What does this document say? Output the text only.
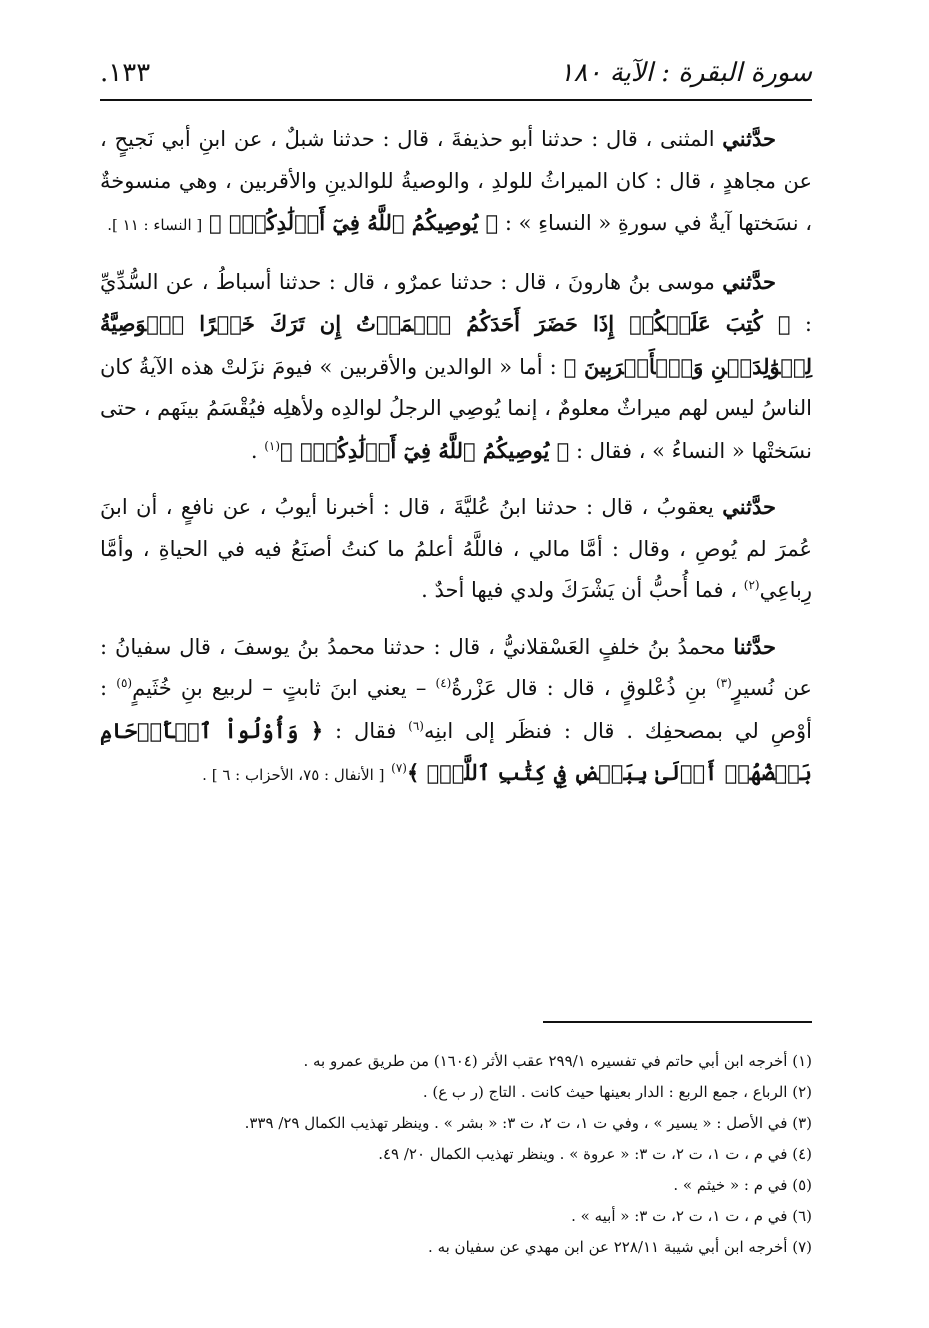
سورة البقرة : الآية ١٨٠
١٣٣.

حدَّثني المثنى ، قال : حدثنا أبو حذيفةَ ، قال : حدثنا شبلٌ ، عن ابنِ أبي نَجيحٍ ، عن مجاهدٍ ، قال : كان الميراثُ للولدِ ، والوصيةُ للوالدينِ والأقربين ، وهي منسوخةٌ ، نسَختها آيةٌ في سورةِ « النساءِ » : ﴿ يُوصِيكُمُ ٱللَّهُ فِيٓ أَوۡلَٰدِكُمۡۖ ﴾ [ النساء : ١١ ].

حدَّثني موسى بنُ هارونَ ، قال : حدثنا عمرٌو ، قال : حدثنا أسباطُ ، عن السُّدِّيِّ : ﴿ كُتِبَ عَلَيۡكُمۡ إِذَا حَضَرَ أَحَدَكُمُ ٱلۡمَوۡتُ إِن تَرَكَ خَيۡرًا ٱلۡوَصِيَّةُ لِلۡوَٰلِدَيۡنِ وَٱلۡأَقۡرَبِينَ ﴾ : أما « الوالدين والأقربين » فيومَ نزَلتْ هذه الآيةُ كان الناسُ ليس لهم ميراثٌ معلومٌ ، إنما يُوصِي الرجلُ لوالدِه ولأهلِه فيُقْسَمُ بينَهم ، حتى نسَختْها « النساءُ » ، فقال : ﴿ يُوصِيكُمُ ٱللَّهُ فِيٓ أَوۡلَٰدِكُمۡۖ ﴾$^{(١)}$ .

حدَّثني يعقوبُ ، قال : حدثنا ابنُ عُليَّةَ ، قال : أخبرنا أيوبُ ، عن نافعٍ ، أن ابنَ عُمرَ لم يُوصِ ، وقال : أمَّا مالي ، فاللَّهُ أعلمُ ما كنتُ أصنَعُ فيه في الحياةِ ، وأمَّا رِباعِي$^{(٢)}$ ، فما أُحبُّ أن يَشْرَكَ ولدي فيها أحدٌ .

حدَّثنا محمدُ بنُ خلفٍ العَسْقلانيُّ ، قال : حدثنا محمدُ بنُ يوسفَ ، قال سفيانُ : عن نُسيرٍ$^{(٣)}$ بنِ ذُعْلوقٍ ، قال : قال عَزْرةُ$^{(٤)}$ – يعني ابنَ ثابتٍ – لربيع بنِ خُثَيمٍ$^{(٥)}$ : أوْصِ لي بمصحفِك . قال : فنظَر إلى ابنِه$^{(٦)}$ فقال : ﴿ وَأُوْلُواْ ٱلۡأَرۡحَامِ بَعۡضُهُمۡ أَوۡلَىٰ بِبَعۡضٖ فِي كِتَٰبِ ٱللَّهِۚ ﴾$^{(٧)}$ [ الأنفال : ٧٥، الأحزاب : ٦ ] .

(١) أخرجه ابن أبي حاتم في تفسيره ٢٩٩/١ عقب الأثر (١٦٠٤) من طريق عمرو به .

(٢) الرباع ، جمع الربع : الدار بعينها حيث كانت . التاج (ر ب ع) .

(٣) في الأصل : « يسير » ، وفي ت ١، ت ٢، ت ٣: « بشر » . وينظر تهذيب الكمال ٢٩/ ٣٣٩.

(٤) في م ، ت ١، ت ٢، ت ٣: « عروة » . وينظر تهذيب الكمال ٢٠/ ٤٩.

(٥) في م : « خيثم » .

(٦) في م ، ت ١، ت ٢، ت ٣: « أبيه » .

(٧) أخرجه ابن أبي شيبة ٢٢٨/١١ عن ابن مهدي عن سفيان به .
